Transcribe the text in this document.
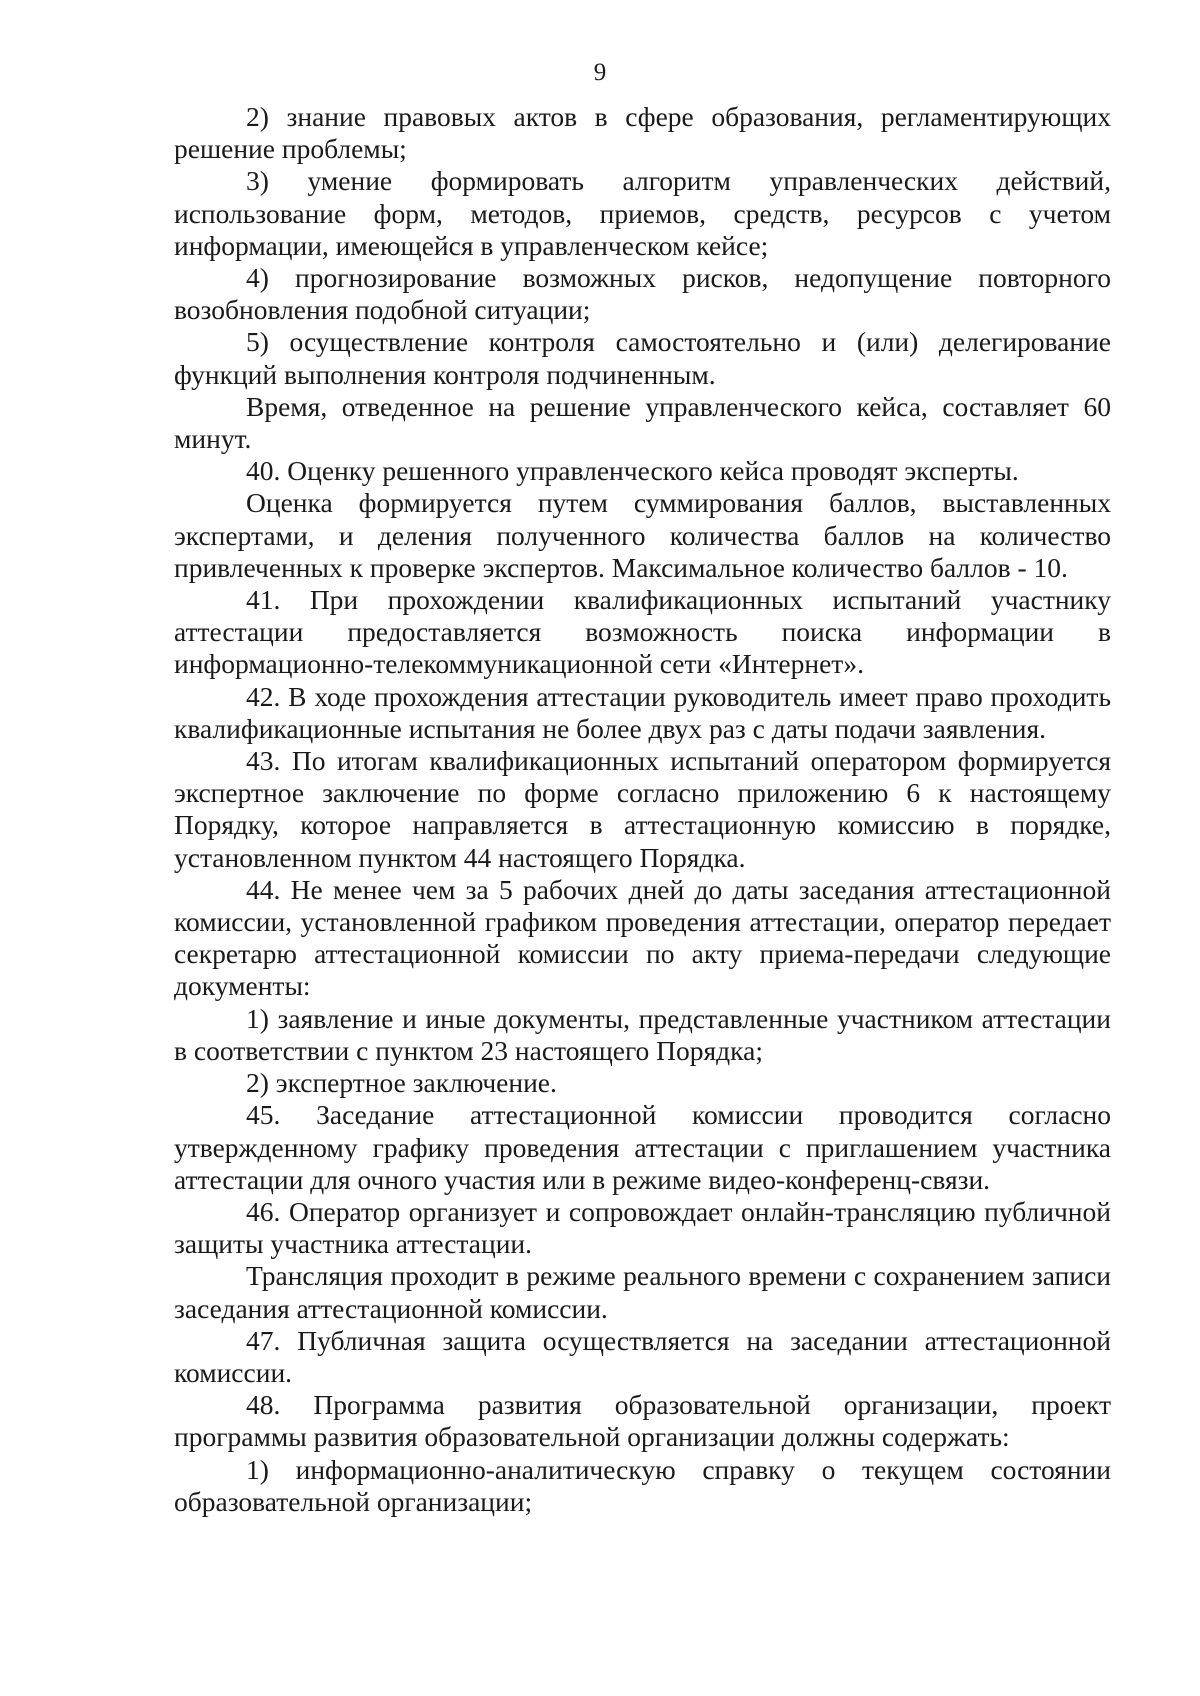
9

2) знание правовых актов в сфере образования, регламентирующих решение проблемы;

3) умение формировать алгоритм управленческих действий, использование форм, методов, приемов, средств, ресурсов с учетом информации, имеющейся в управленческом кейсе;

4) прогнозирование возможных рисков, недопущение повторного возобновления подобной ситуации;

5) осуществление контроля самостоятельно и (или) делегирование функций выполнения контроля подчиненным.

Время, отведенное на решение управленческого кейса, составляет 60 минут.

40. Оценку решенного управленческого кейса проводят эксперты.

Оценка формируется путем суммирования баллов, выставленных экспертами, и деления полученного количества баллов на количество привлеченных к проверке экспертов. Максимальное количество баллов - 10.

41. При прохождении квалификационных испытаний участнику аттестации предоставляется возможность поиска информации в информационно-телекоммуникационной сети «Интернет».

42. В ходе прохождения аттестации руководитель имеет право проходить квалификационные испытания не более двух раз с даты подачи заявления.

43. По итогам квалификационных испытаний оператором формируется экспертное заключение по форме согласно приложению 6 к настоящему Порядку, которое направляется в аттестационную комиссию в порядке, установленном пунктом 44 настоящего Порядка.

44. Не менее чем за 5 рабочих дней до даты заседания аттестационной комиссии, установленной графиком проведения аттестации, оператор передает секретарю аттестационной комиссии по акту приема-передачи следующие документы:

1) заявление и иные документы, представленные участником аттестации в соответствии с пунктом 23 настоящего Порядка;

2) экспертное заключение.

45. Заседание аттестационной комиссии проводится согласно утвержденному графику проведения аттестации с приглашением участника аттестации для очного участия или в режиме видео-конференц-связи.

46. Оператор организует и сопровождает онлайн-трансляцию публичной защиты участника аттестации.

Трансляция проходит в режиме реального времени с сохранением записи заседания аттестационной комиссии.

47. Публичная защита осуществляется на заседании аттестационной комиссии.

48. Программа развития образовательной организации, проект программы развития образовательной организации должны содержать:

1) информационно-аналитическую справку о текущем состоянии образовательной организации;
